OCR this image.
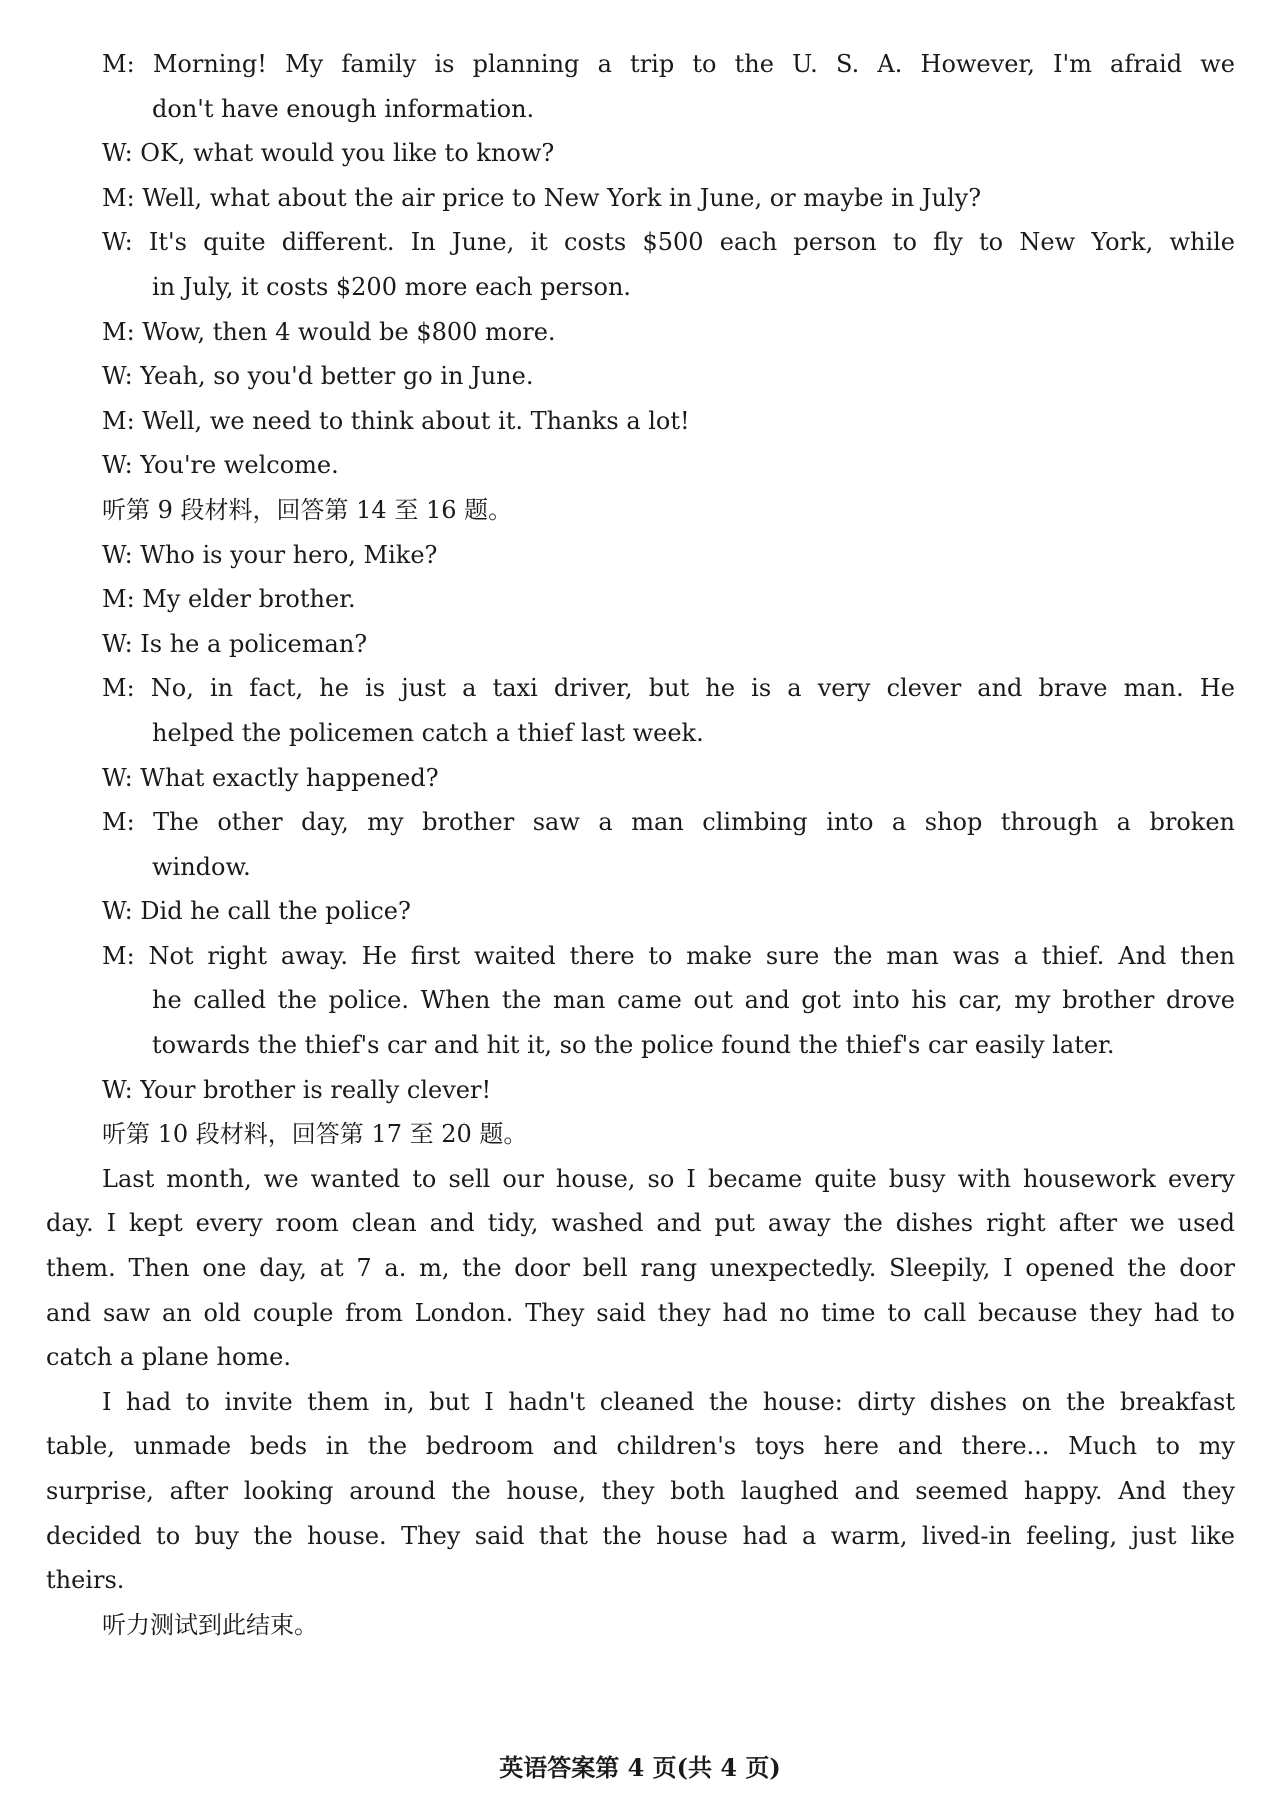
M: Morning! My family is planning a trip to the U. S. A. However, I'm afraid we
don't have enough information.
W: OK, what would you like to know?
M: Well, what about the air price to New York in June, or maybe in July?
W: It's quite different. In June, it costs $500 each person to fly to New York, while
in July, it costs $200 more each person.
M: Wow, then 4 would be $800 more.
W: Yeah, so you'd better go in June.
M: Well, we need to think about it. Thanks a lot!
W: You're welcome.
听第 9 段材料，回答第 14 至 16 题。
W: Who is your hero, Mike?
M: My elder brother.
W: Is he a policeman?
M: No, in fact, he is just a taxi driver, but he is a very clever and brave man. He
helped the policemen catch a thief last week.
W: What exactly happened?
M: The other day, my brother saw a man climbing into a shop through a broken
window.
W: Did he call the police?
M: Not right away. He first waited there to make sure the man was a thief. And then
he called the police. When the man came out and got into his car, my brother drove
towards the thief's car and hit it, so the police found the thief's car easily later.
W: Your brother is really clever!
听第 10 段材料，回答第 17 至 20 题。
Last month, we wanted to sell our house, so I became quite busy with housework every
day. I kept every room clean and tidy, washed and put away the dishes right after we used
them. Then one day, at 7 a. m, the door bell rang unexpectedly. Sleepily, I opened the door
and saw an old couple from London. They said they had no time to call because they had to
catch a plane home.
I had to invite them in, but I hadn't cleaned the house: dirty dishes on the breakfast
table, unmade beds in the bedroom and children's toys here and there... Much to my
surprise, after looking around the house, they both laughed and seemed happy. And they
decided to buy the house. They said that the house had a warm, lived-in feeling, just like
theirs.
听力测试到此结束。
英语答案第 4 页(共 4 页)
